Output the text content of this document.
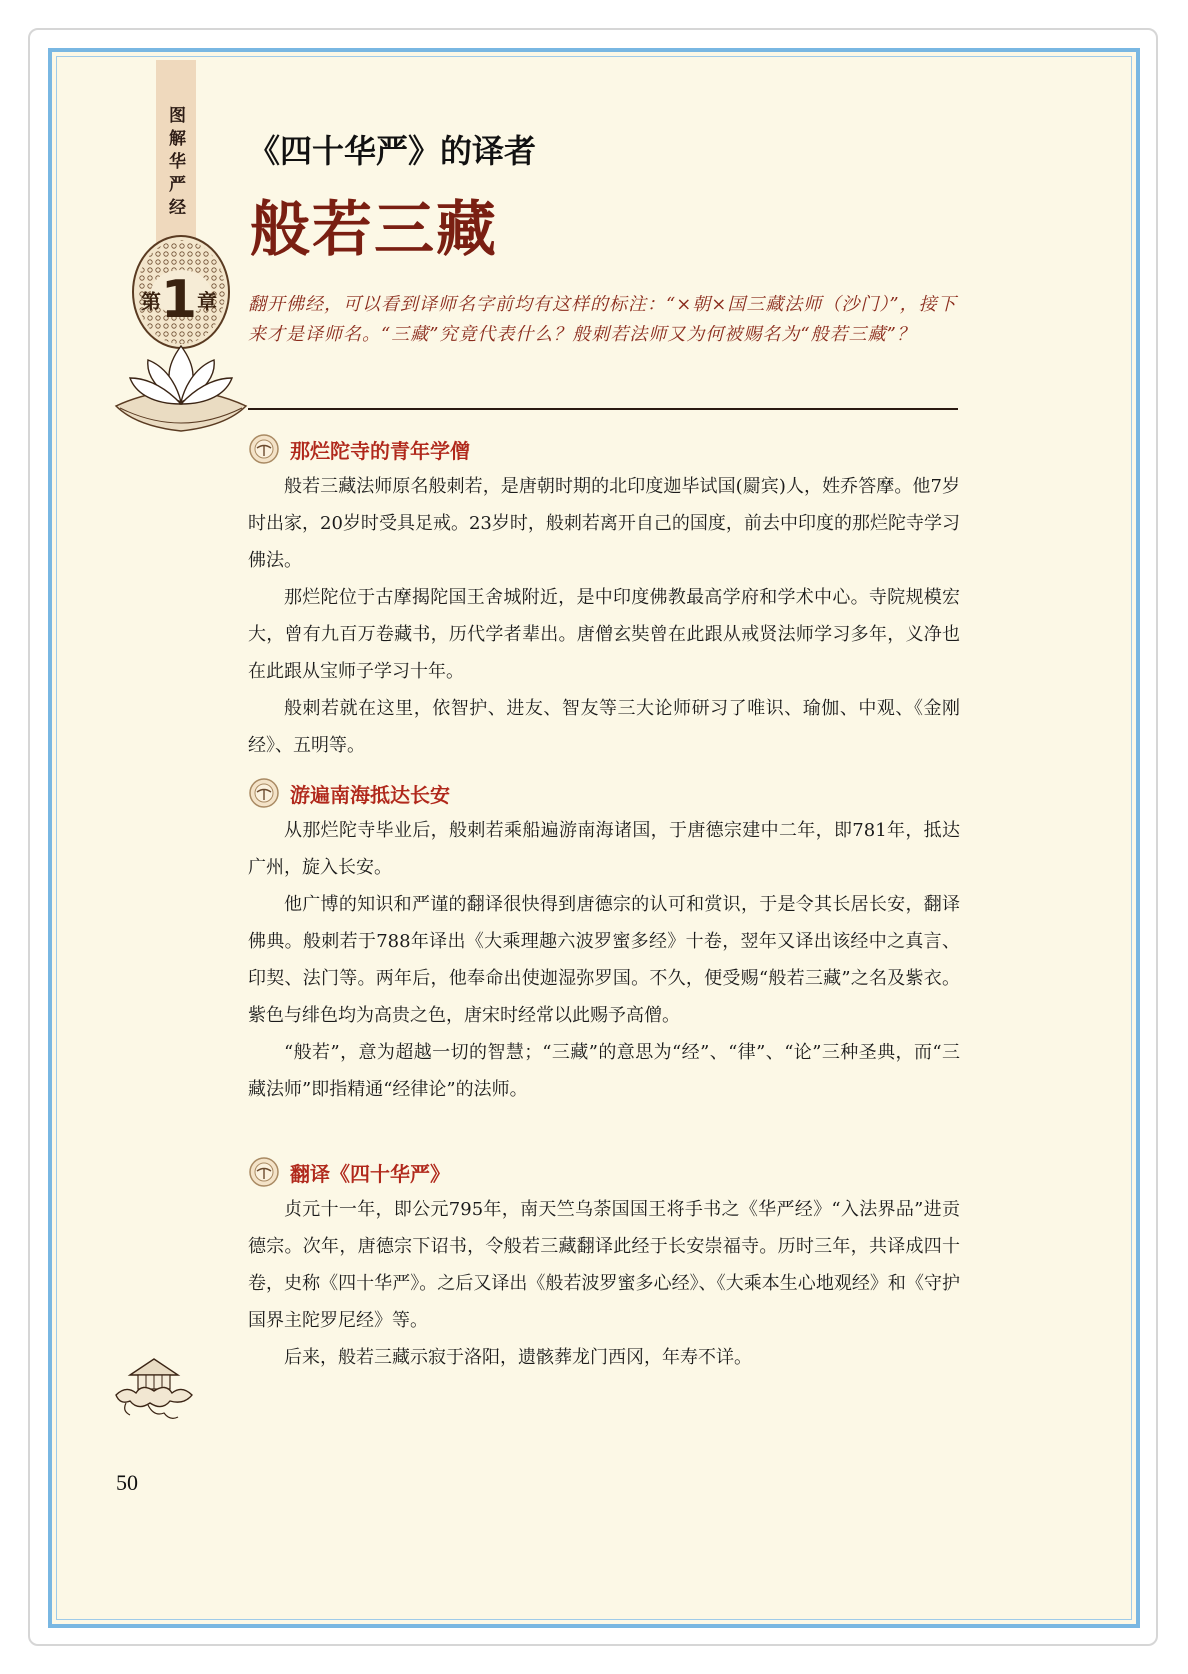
图解华严经
第1章
《四十华严》的译者
般若三藏
翻开佛经，可以看到译师名字前均有这样的标注：“×朝×国三藏法师（沙门）”，接下来才是译师名。“三藏”究竟代表什么？般刺若法师又为何被赐名为“般若三藏”？
那烂陀寺的青年学僧

般若三藏法师原名般刺若，是唐朝时期的北印度迦毕试国(罽宾)人，姓乔答摩。他7岁时出家，20岁时受具足戒。23岁时，般刺若离开自己的国度，前去中印度的那烂陀寺学习佛法。

那烂陀位于古摩揭陀国王舍城附近，是中印度佛教最高学府和学术中心。寺院规模宏大，曾有九百万卷藏书，历代学者辈出。唐僧玄奘曾在此跟从戒贤法师学习多年，义净也在此跟从宝师子学习十年。

般刺若就在这里，依智护、进友、智友等三大论师研习了唯识、瑜伽、中观、《金刚经》、五明等。

游遍南海抵达长安

从那烂陀寺毕业后，般刺若乘船遍游南海诸国，于唐德宗建中二年，即781年，抵达广州，旋入长安。

他广博的知识和严谨的翻译很快得到唐德宗的认可和赏识，于是令其长居长安，翻译佛典。般刺若于788年译出《大乘理趣六波罗蜜多经》十卷，翌年又译出该经中之真言、印契、法门等。两年后，他奉命出使迦湿弥罗国。不久，便受赐“般若三藏”之名及紫衣。紫色与绯色均为高贵之色，唐宋时经常以此赐予高僧。

“般若”，意为超越一切的智慧；“三藏”的意思为“经”、“律”、“论”三种圣典，而“三藏法师”即指精通“经律论”的法师。

翻译《四十华严》

贞元十一年，即公元795年，南天竺乌荼国国王将手书之《华严经》“入法界品”进贡德宗。次年，唐德宗下诏书，令般若三藏翻译此经于长安崇福寺。历时三年，共译成四十卷，史称《四十华严》。之后又译出《般若波罗蜜多心经》、《大乘本生心地观经》和《守护国界主陀罗尼经》等。

后来，般若三藏示寂于洛阳，遗骸葬龙门西冈，年寿不详。

50
